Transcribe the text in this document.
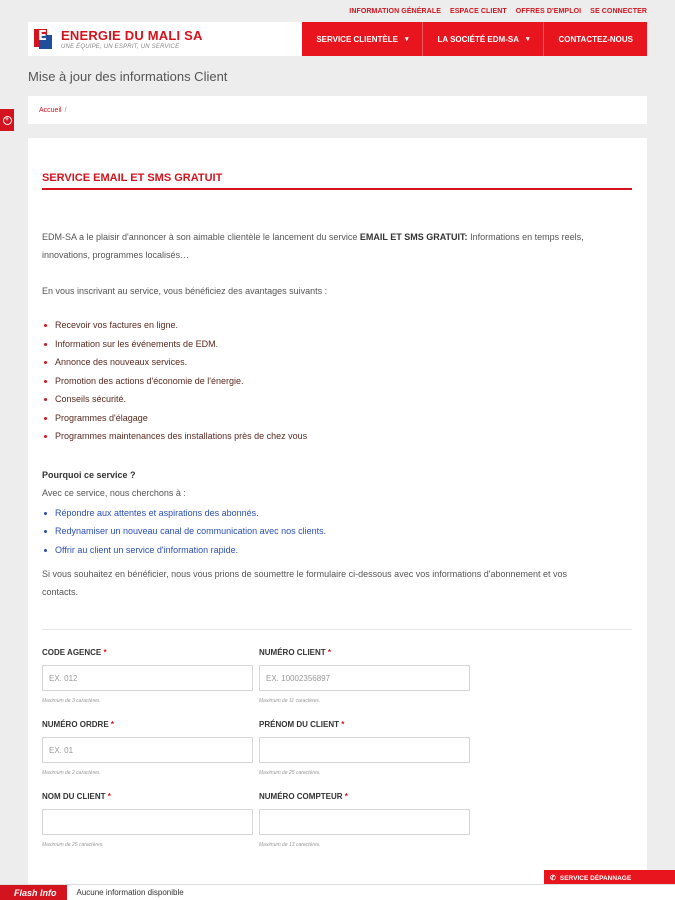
INFORMATION GÉNÉRALE ESPACE CLIENT OFFRES D'EMPLOI SE CONNECTER
E ENERGIE DU MALI SA
UNE ÉQUIPE, UN ESPRIT, UN SERVICE
SERVICE CLIENTÈLE ▾	LA SOCIÉTÉ EDM-SA ▾	CONTACTEZ-NOUS
Mise à jour des informations Client
+
Accueil /
SERVICE EMAIL ET SMS GRATUIT

EDM-SA a le plaisir d'annoncer à son aimable clientèle le lancement du service EMAIL ET SMS GRATUIT: Informations en temps reels, innovations, programmes localisés…

En vous inscrivant au service, vous bénéficiez des avantages suivants :

Recevoir vos factures en ligne.
Information sur les événements de EDM.
Annonce des nouveaux services.
Promotion des actions d'économie de l'énergie.
Conseils sécurité.
Programmes d'élagage
Programmes maintenances des installations près de chez vous
Pourquoi ce service ?
Avec ce service, nous cherchons à :
Répondre aux attentes et aspirations des abonnés.
Redynamiser un nouveau canal de communication avec nos clients.
Offrir au client un service d'information rapide.

Si vous souhaitez en bénéficier, nous vous prions de soumettre le formulaire ci-dessous avec vos informations d'abonnement et vos contacts.

CODE AGENCE *
EX. 012
Maximum de 3 caractères.
NUMÉRO CLIENT *
EX. 10002356897
Maximum de 11 caractères.
NUMÉRO ORDRE *
EX. 01
Maximum de 2 caractères.
PRÉNOM DU CLIENT *
Maximum de 25 caractères.
NOM DU CLIENT *
Maximum de 25 caractères.
NUMÉRO COMPTEUR *
Maximum de 13 caractères.
✆ SERVICE DÉPANNAGE
Flash Info	Aucune information disponible
